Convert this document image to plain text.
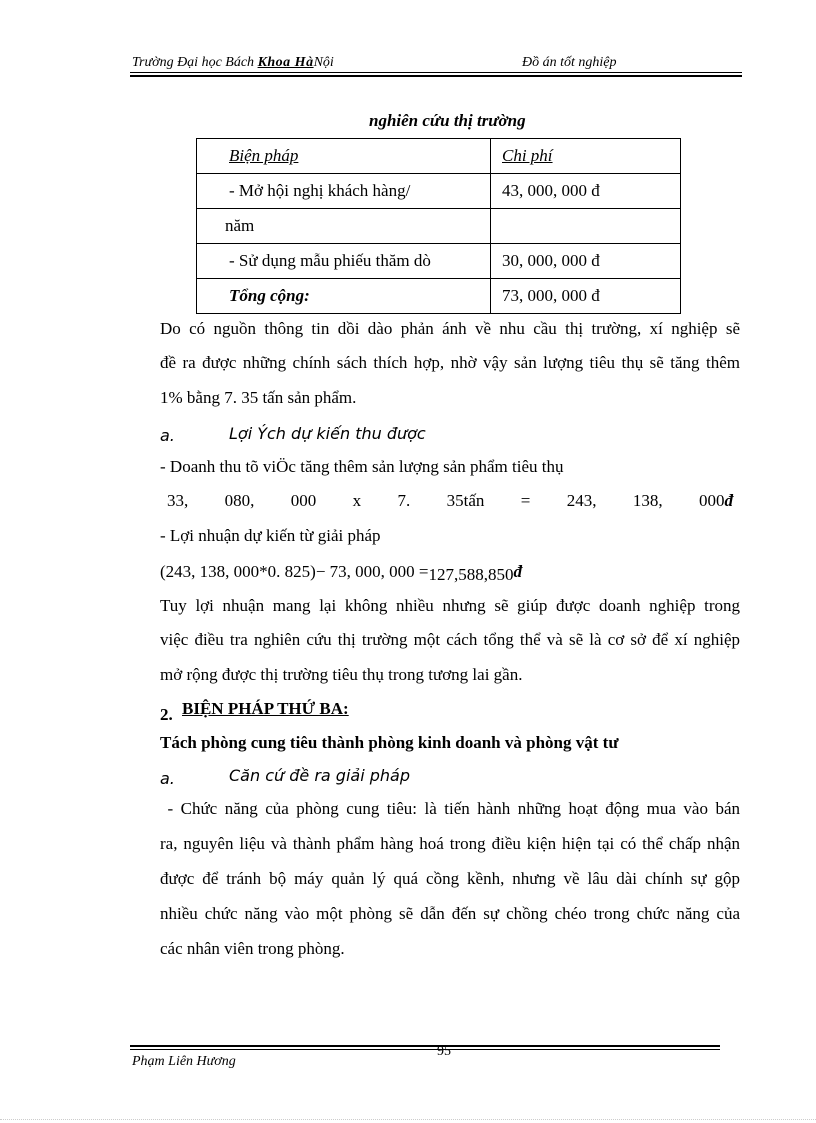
Trường Đại học Bách Khoa HàNội	Đồ án tốt nghiệp
nghiên cứu thị trường
Biện pháp	Chi phí
- Mở hội nghị khách hàng/	43, 000, 000 đ
năm	
- Sử dụng mẫu phiếu thăm dò	30, 000, 000 đ
Tổng cộng:	73, 000, 000 đ
Do có nguồn thông tin dồi dào phản ánh về nhu cầu thị trường, xí nghiệp sẽ
đề ra được những chính sách thích hợp, nhờ vậy sản lượng tiêu thụ sẽ tăng thêm
1% bằng 7. 35 tấn sản phẩm.
a.	Lợi Ých dự kiến thu được
- Doanh thu tõ viÖc tăng thêm sản lượng sản phẩm tiêu thụ
33, 080, 000 x 7. 35tấn = 243, 138, 000đ
- Lợi nhuận dự kiến từ giải pháp
(243, 138, 000*0. 825)− 73, 000, 000 =127,588,850đ
Tuy lợi nhuận mang lại không nhiều nhưng sẽ giúp được doanh nghiệp trong
việc điều tra nghiên cứu thị trường một cách tổng thể và sẽ là cơ sở để xí nghiệp
mở rộng được thị trường tiêu thụ trong tương lai gần.
2. BIỆN PHÁP THỨ BA:
Tách phòng cung tiêu thành phòng kinh doanh và phòng vật tư
a.	Căn cứ đề ra giải pháp
- Chức năng của phòng cung tiêu: là tiến hành những hoạt động mua vào bán
ra, nguyên liệu và thành phẩm hàng hoá trong điều kiện hiện tại có thể chấp nhận
được để tránh bộ máy quản lý quá cồng kềnh, nhưng về lâu dài chính sự gộp
nhiều chức năng vào một phòng sẽ dẫn đến sự chồng chéo trong chức năng của
các nhân viên trong phòng.
95
Phạm Liên Hương
